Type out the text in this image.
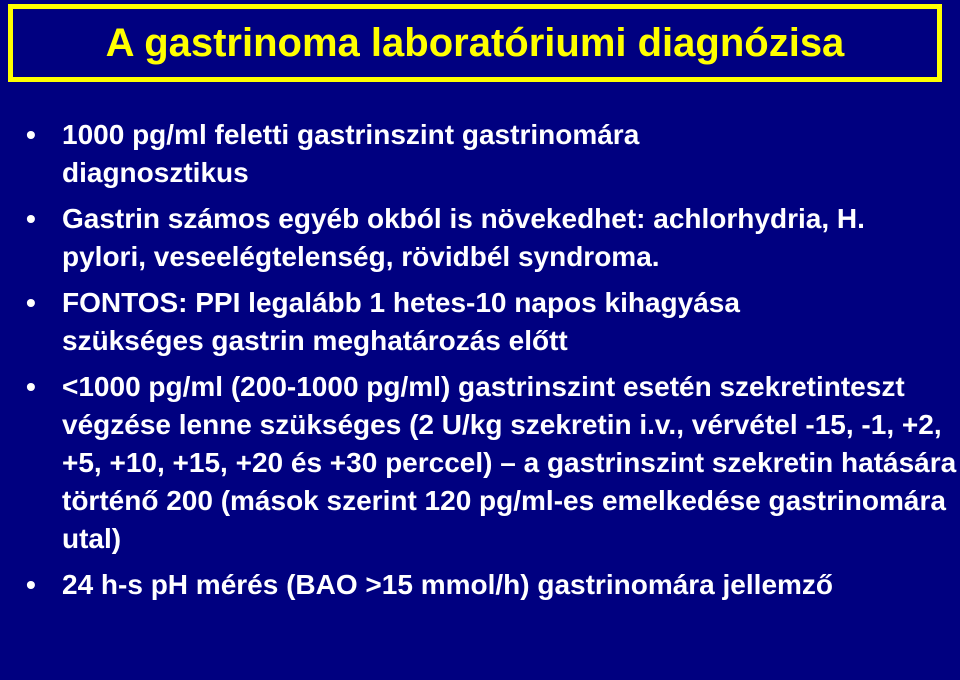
A gastrinoma laboratóriumi diagnózisa
• 1000 pg/ml feletti gastrinszint gastrinomára diagnosztikus
• Gastrin számos egyéb okból is növekedhet: achlorhydria, H. pylori, veseelégtelenség, rövidbél syndroma.
• FONTOS: PPI legalább 1 hetes-10 napos kihagyása szükséges gastrin meghatározás előtt
• <1000 pg/ml (200-1000 pg/ml) gastrinszint esetén szekretinteszt végzése lenne szükséges (2 U/kg szekretin i.v., vérvétel -15, -1, +2, +5, +10, +15, +20 és +30 perccel) – a gastrinszint szekretin hatására történő 200 (mások szerint 120 pg/ml-es emelkedése gastrinomára utal)
• 24 h-s pH mérés (BAO >15 mmol/h) gastrinomára jellemző
